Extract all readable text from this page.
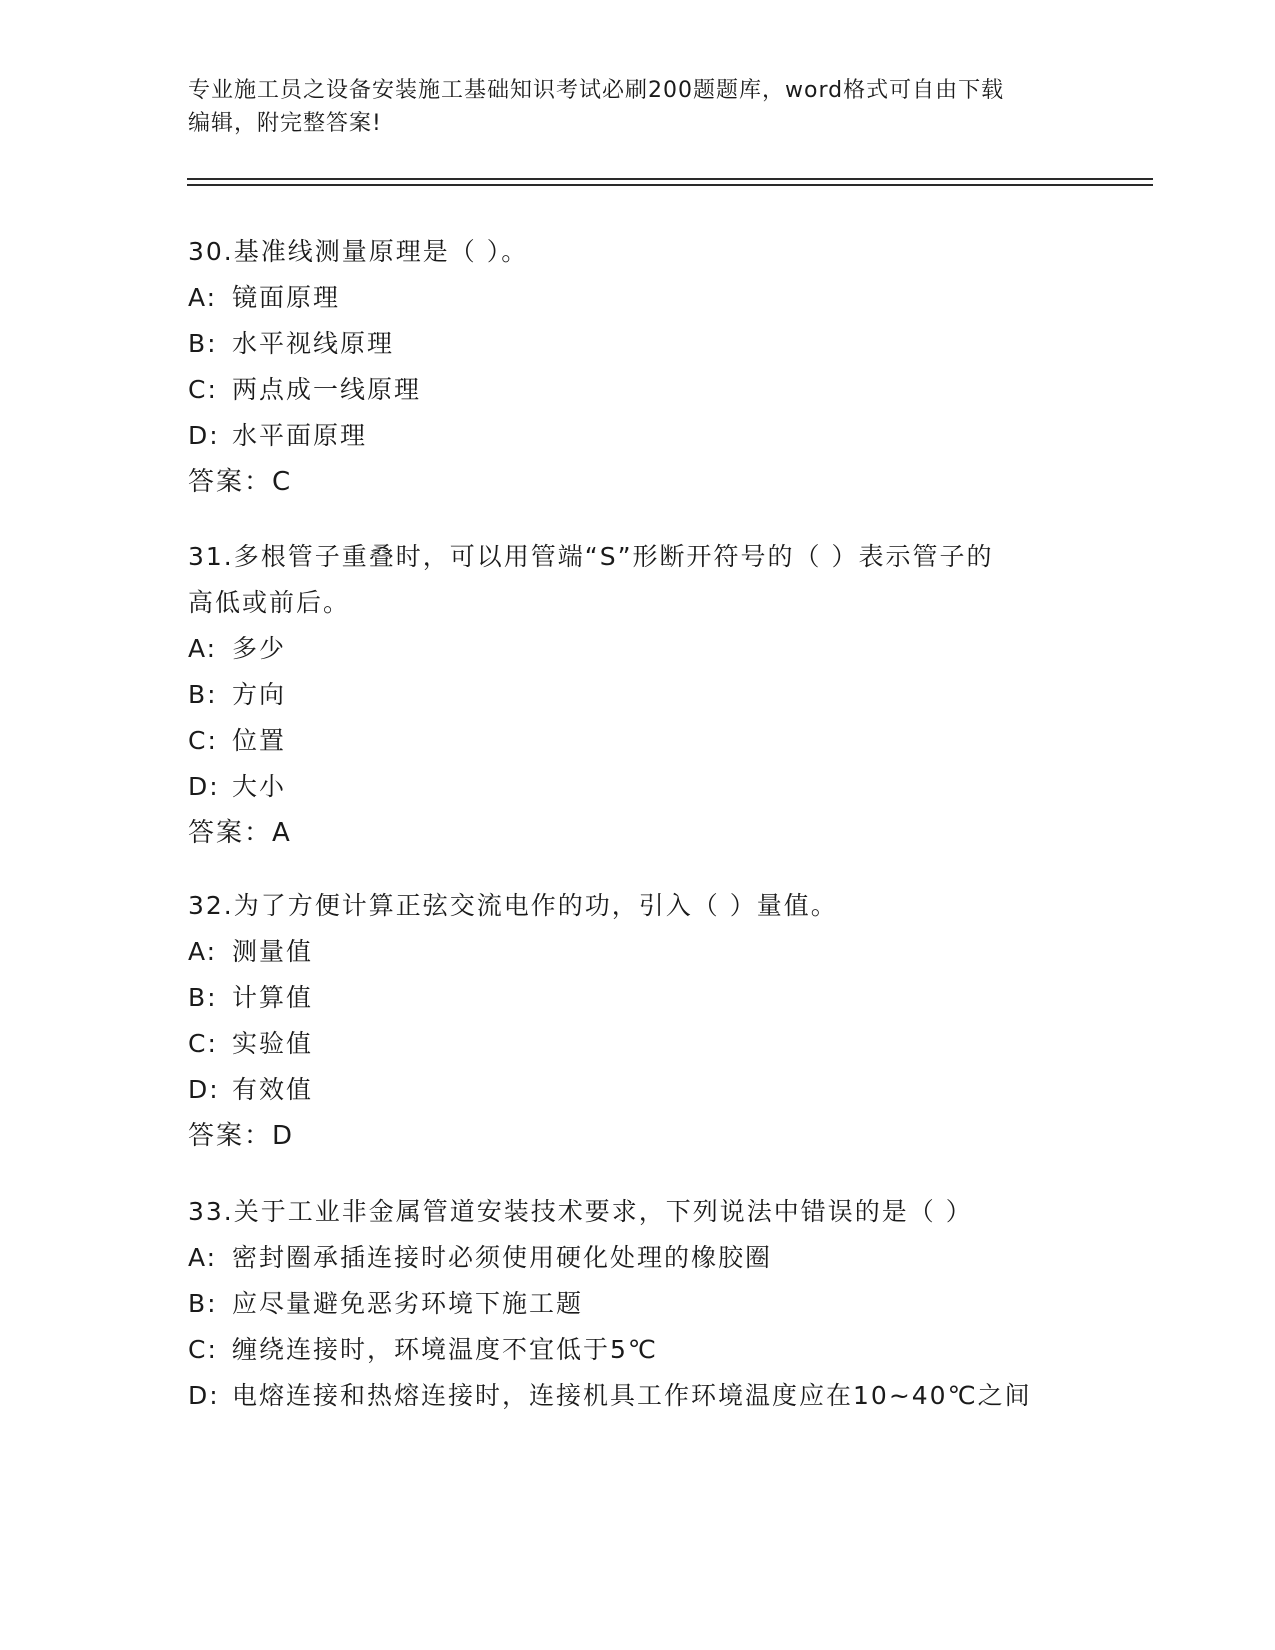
专业施工员之设备安装施工基础知识考试必刷200题题库，word格式可自由下载
编辑，附完整答案!
30.基准线测量原理是（ ）。
A: 镜面原理
B: 水平视线原理
C: 两点成一线原理
D: 水平面原理
答案：C
31.多根管子重叠时，可以用管端“S”形断开符号的（ ）表示管子的
高低或前后。
A: 多少
B: 方向
C: 位置
D: 大小
答案：A
32.为了方便计算正弦交流电作的功，引入（ ）量值。
A: 测量值
B: 计算值
C: 实验值
D: 有效值
答案：D
33.关于工业非金属管道安装技术要求，下列说法中错误的是（ ）
A: 密封圈承插连接时必须使用硬化处理的橡胶圈
B: 应尽量避免恶劣环境下施工题
C: 缠绕连接时，环境温度不宜低于5℃
D: 电熔连接和热熔连接时，连接机具工作环境温度应在10~40℃之间
